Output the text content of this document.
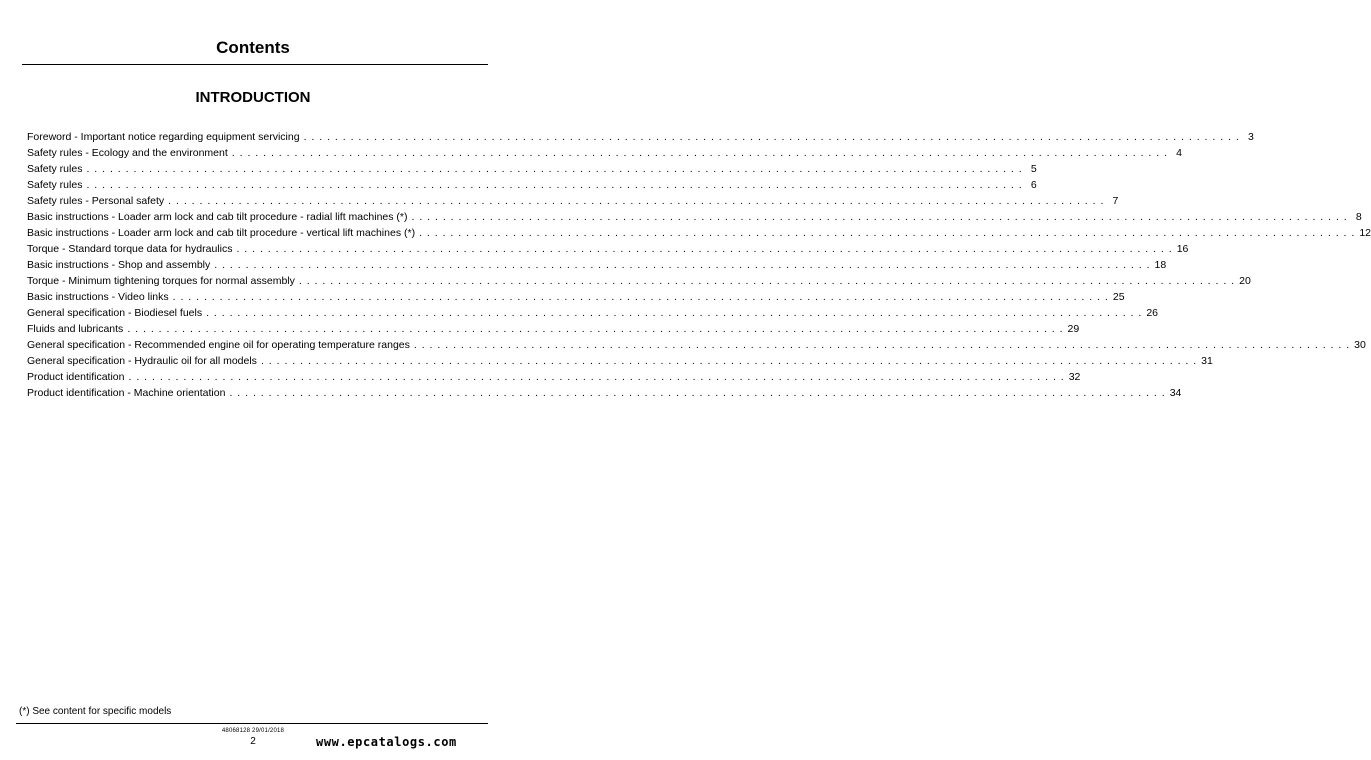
Contents
INTRODUCTION
Foreword - Important notice regarding equipment servicing . . . . . . . . . . . . . . . . . . . . . . . . . . . . . . . . . . . . . . . . . . . . . . . . . . . . . . . . . . . . . . . . . . . . . . . . . . . . . . . . . . . . . . . . . . . . . . . . . . . . . . . . . . . . . . . . . . . . . . . . 3
Safety rules - Ecology and the environment . . . . . . . . . . . . . . . . . . . . . . . . . . . . . . . . . . . . . . . . . . . . . . . . . . . . . . . . . . . . . . . . . . . . . . . . . . . . . . . . . . . . . . . . . . . . . . . . . . . . . . . . . . . . . . . . . . . . . . . . 4
Safety rules . . . . . . . . . . . . . . . . . . . . . . . . . . . . . . . . . . . . . . . . . . . . . . . . . . . . . . . . . . . . . . . . . . . . . . . . . . . . . . . . . . . . . . . . . . . . . . . . . . . . . . . . . . . . . . . . . . . . . . . . 5
Safety rules . . . . . . . . . . . . . . . . . . . . . . . . . . . . . . . . . . . . . . . . . . . . . . . . . . . . . . . . . . . . . . . . . . . . . . . . . . . . . . . . . . . . . . . . . . . . . . . . . . . . . . . . . . . . . . . . . . . . . . . . 6
Safety rules - Personal safety . . . . . . . . . . . . . . . . . . . . . . . . . . . . . . . . . . . . . . . . . . . . . . . . . . . . . . . . . . . . . . . . . . . . . . . . . . . . . . . . . . . . . . . . . . . . . . . . . . . . . . . . . . . . . . . . . . . . . . . . 7
Basic instructions - Loader arm lock and cab tilt procedure - radial lift machines (*) . . . . . . . . . . . . . . . . . . . . . . . . . . . . . . . . . . . . . . . . . . . . . . . . . . . . . . . . . . . . . . . . . . . . . . . . . . . . . . . . . . . . . . . . . . . . . . . . . . . . . . . . . . . . . . . . . . . . . . . . 8
Basic instructions - Loader arm lock and cab tilt procedure - vertical lift machines (*) . . . . . . . . . . . . . . . . . . . . . . . . . . . . . . . . . . . . . . . . . . . . . . . . . . . . . . . . . . . . . . . . . . . . . . . . . . . . . . . . . . . . . . . . . . . . . . . . . . . . . . . . . . . . . . . . . . . . . . . . 12
Torque - Standard torque data for hydraulics . . . . . . . . . . . . . . . . . . . . . . . . . . . . . . . . . . . . . . . . . . . . . . . . . . . . . . . . . . . . . . . . . . . . . . . . . . . . . . . . . . . . . . . . . . . . . . . . . . . . . . . . . . . . . . . . . . . . . . . . 16
Basic instructions - Shop and assembly . . . . . . . . . . . . . . . . . . . . . . . . . . . . . . . . . . . . . . . . . . . . . . . . . . . . . . . . . . . . . . . . . . . . . . . . . . . . . . . . . . . . . . . . . . . . . . . . . . . . . . . . . . . . . . . . . . . . . . . . 18
Torque - Minimum tightening torques for normal assembly . . . . . . . . . . . . . . . . . . . . . . . . . . . . . . . . . . . . . . . . . . . . . . . . . . . . . . . . . . . . . . . . . . . . . . . . . . . . . . . . . . . . . . . . . . . . . . . . . . . . . . . . . . . . . . . . . . . . . . . . 20
Basic instructions - Video links . . . . . . . . . . . . . . . . . . . . . . . . . . . . . . . . . . . . . . . . . . . . . . . . . . . . . . . . . . . . . . . . . . . . . . . . . . . . . . . . . . . . . . . . . . . . . . . . . . . . . . . . . . . . . . . . . . . . . . . . 25
General specification - Biodiesel fuels . . . . . . . . . . . . . . . . . . . . . . . . . . . . . . . . . . . . . . . . . . . . . . . . . . . . . . . . . . . . . . . . . . . . . . . . . . . . . . . . . . . . . . . . . . . . . . . . . . . . . . . . . . . . . . . . . . . . . . . . 26
Fluids and lubricants . . . . . . . . . . . . . . . . . . . . . . . . . . . . . . . . . . . . . . . . . . . . . . . . . . . . . . . . . . . . . . . . . . . . . . . . . . . . . . . . . . . . . . . . . . . . . . . . . . . . . . . . . . . . . . . . . . . . . . . . 29
General specification - Recommended engine oil for operating temperature ranges . . . . . . . . . . . . . . . . . . . . . . . . . . . . . . . . . . . . . . . . . . . . . . . . . . . . . . . . . . . . . . . . . . . . . . . . . . . . . . . . . . . . . . . . . . . . . . . . . . . . . . . . . . . . . . . . . . . . . . . . 30
General specification - Hydraulic oil for all models . . . . . . . . . . . . . . . . . . . . . . . . . . . . . . . . . . . . . . . . . . . . . . . . . . . . . . . . . . . . . . . . . . . . . . . . . . . . . . . . . . . . . . . . . . . . . . . . . . . . . . . . . . . . . . . . . . . . . . . . 31
Product identification . . . . . . . . . . . . . . . . . . . . . . . . . . . . . . . . . . . . . . . . . . . . . . . . . . . . . . . . . . . . . . . . . . . . . . . . . . . . . . . . . . . . . . . . . . . . . . . . . . . . . . . . . . . . . . . . . . . . . . . . 32
Product identification - Machine orientation . . . . . . . . . . . . . . . . . . . . . . . . . . . . . . . . . . . . . . . . . . . . . . . . . . . . . . . . . . . . . . . . . . . . . . . . . . . . . . . . . . . . . . . . . . . . . . . . . . . . . . . . . . . . . . . . . . . . . . . . 34
(*) See content for specific models
48068128 29/01/2018
2	www.epcatalogs.com
